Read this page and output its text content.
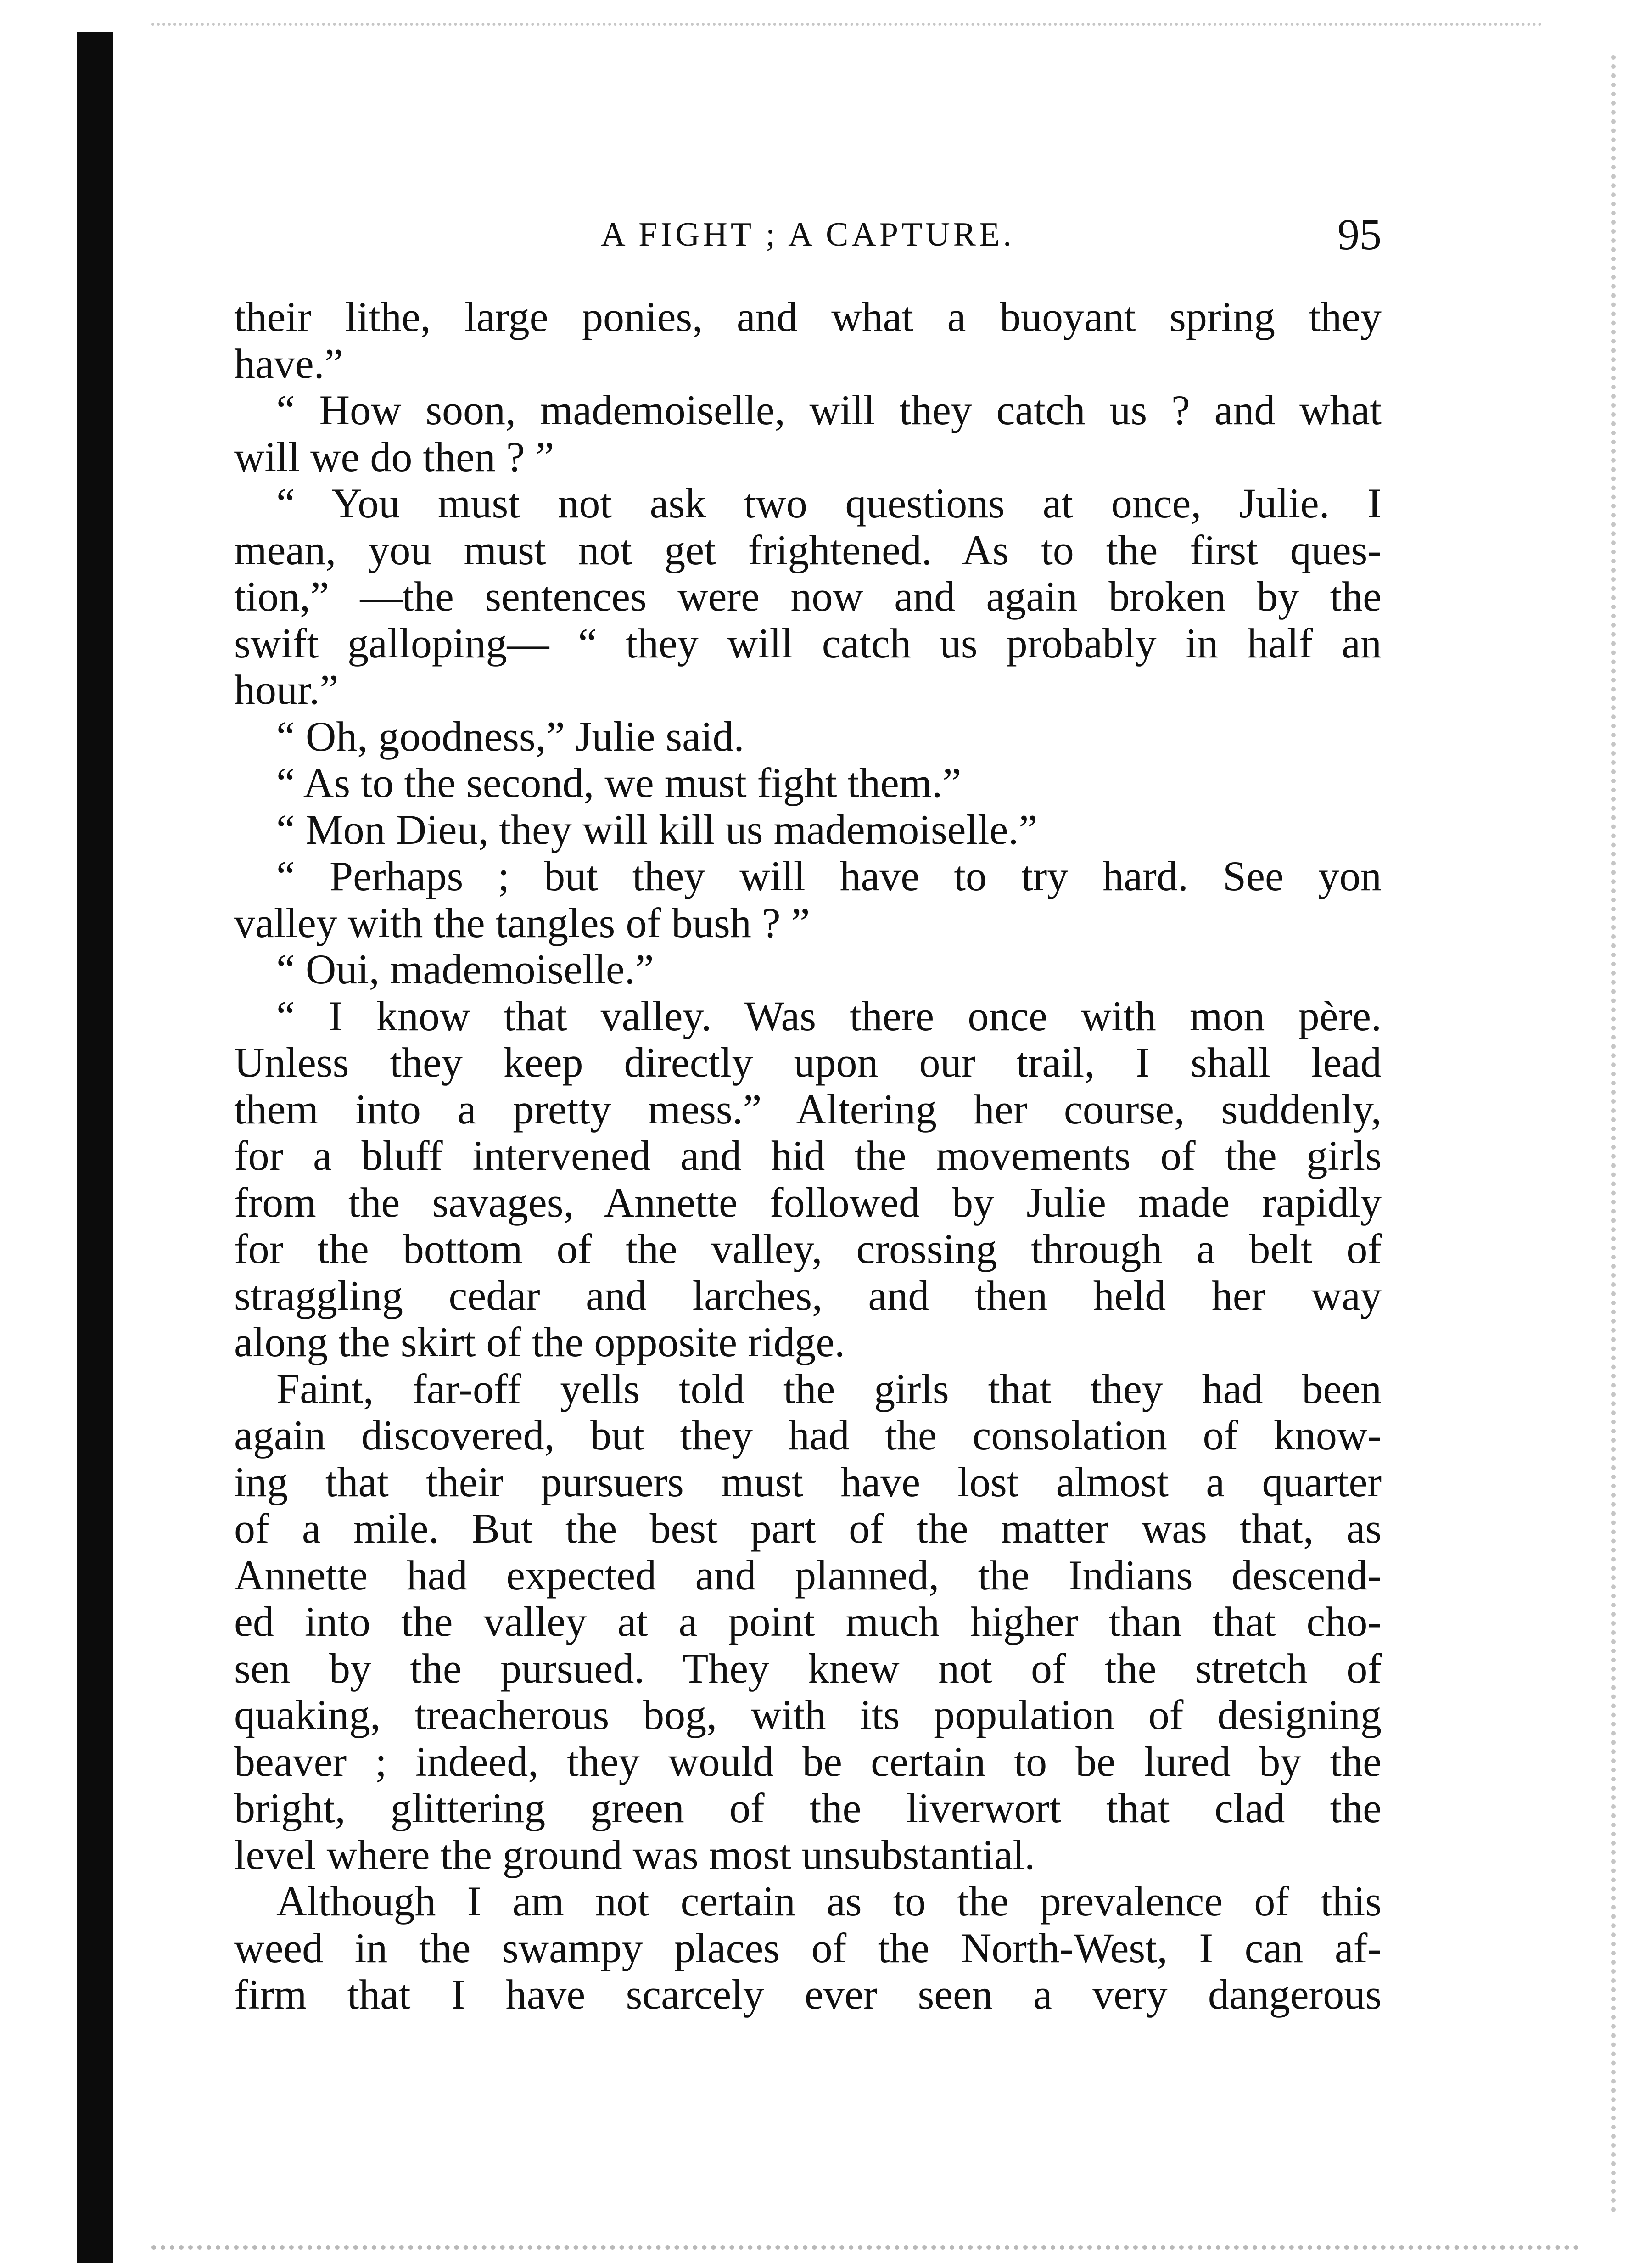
A FIGHT ; A CAPTURE.	95
their lithe, large ponies, and what a buoyant spring they
have.”
“ How soon, mademoiselle, will they catch us ? and what
will we do then ? ”
“ You must not ask two questions at once, Julie. I
mean, you must not get frightened. As to the first ques-
tion,” —the sentences were now and again broken by the
swift galloping— “ they will catch us probably in half an
hour.”
“ Oh, goodness,” Julie said.
“ As to the second, we must fight them.”
“ Mon Dieu, they will kill us mademoiselle.”
“ Perhaps ; but they will have to try hard. See yon
valley with the tangles of bush ? ”
“ Oui, mademoiselle.”
“ I know that valley. Was there once with mon père.
Unless they keep directly upon our trail, I shall lead
them into a pretty mess.” Altering her course, suddenly,
for a bluff intervened and hid the movements of the girls
from the savages, Annette followed by Julie made rapidly
for the bottom of the valley, crossing through a belt of
straggling cedar and larches, and then held her way
along the skirt of the opposite ridge.
Faint, far-off yells told the girls that they had been
again discovered, but they had the consolation of know-
ing that their pursuers must have lost almost a quarter
of a mile. But the best part of the matter was that, as
Annette had expected and planned, the Indians descend-
ed into the valley at a point much higher than that cho-
sen by the pursued. They knew not of the stretch of
quaking, treacherous bog, with its population of designing
beaver ; indeed, they would be certain to be lured by the
bright, glittering green of the liverwort that clad the
level where the ground was most unsubstantial.
Although I am not certain as to the prevalence of this
weed in the swampy places of the North-West, I can af-
firm that I have scarcely ever seen a very dangerous
